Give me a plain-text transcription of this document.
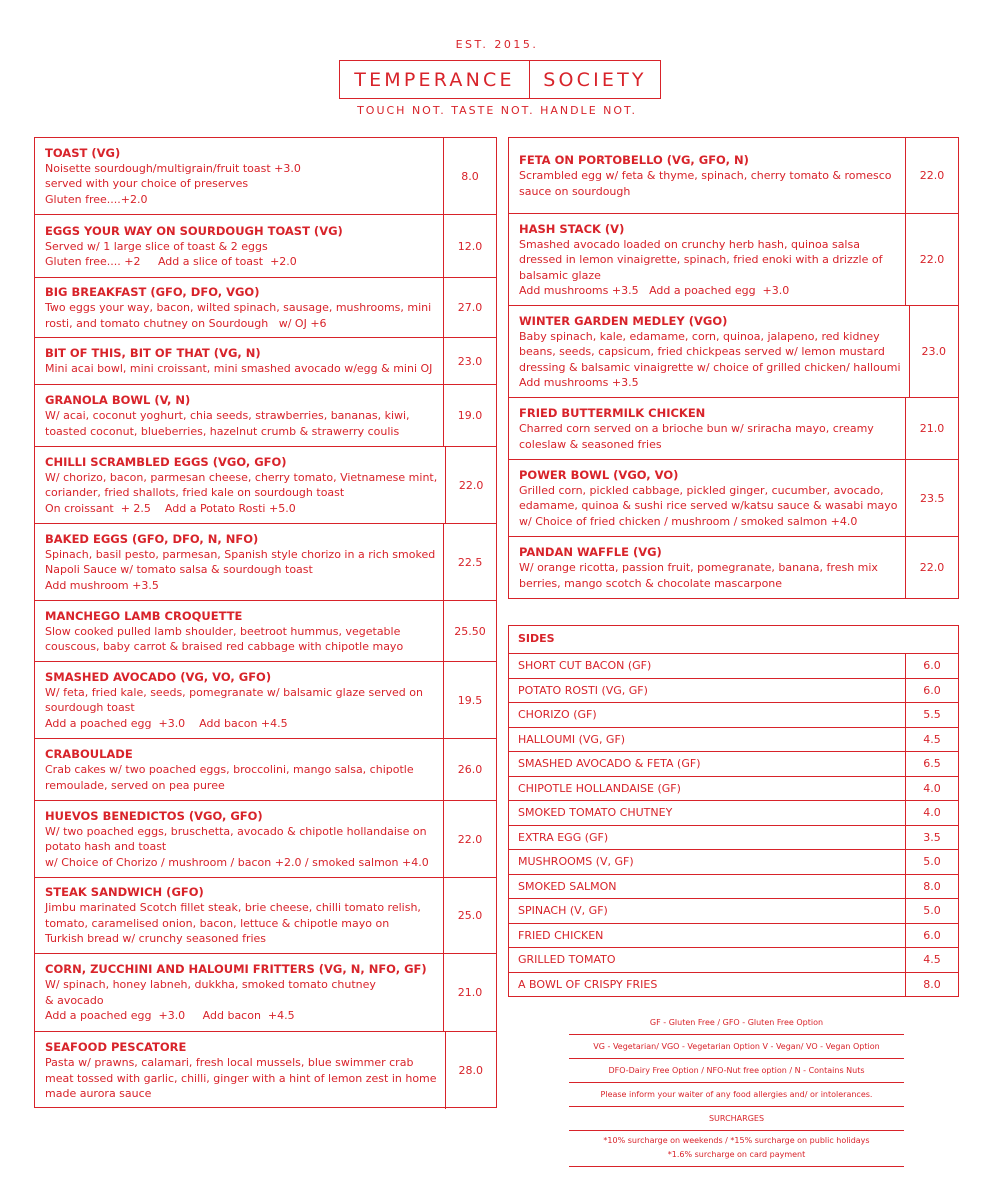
EST. 2015.
TEMPERANCE	SOCIETY
TOUCH NOT. TASTE NOT. HANDLE NOT.
TOAST (VG)
Noisette sourdough/multigrain/fruit toast +3.0
served with your choice of preserves
Gluten free....+2.0
8.0
EGGS YOUR WAY ON SOURDOUGH TOAST (VG)
Served w/ 1 large slice of toast & 2 eggs
Gluten free.... +2     Add a slice of toast  +2.0
12.0
BIG BREAKFAST (GFO, DFO, VGO)
Two eggs your way, bacon, wilted spinach, sausage, mushrooms, mini
rosti, and tomato chutney on Sourdough   w/ OJ +6
27.0
BIT OF THIS, BIT OF THAT (VG, N)
Mini acai bowl, mini croissant, mini smashed avocado w/egg & mini OJ
23.0
GRANOLA BOWL (V, N)
W/ acai, coconut yoghurt, chia seeds, strawberries, bananas, kiwi,
toasted coconut, blueberries, hazelnut crumb & strawerry coulis
19.0
CHILLI SCRAMBLED EGGS (VGO, GFO)
W/ chorizo, bacon, parmesan cheese, cherry tomato, Vietnamese mint,
coriander, fried shallots, fried kale on sourdough toast
On croissant  + 2.5    Add a Potato Rosti +5.0
22.0
BAKED EGGS (GFO, DFO, N, NFO)
Spinach, basil pesto, parmesan, Spanish style chorizo in a rich smoked
Napoli Sauce w/ tomato salsa & sourdough toast
Add mushroom +3.5
22.5
MANCHEGO LAMB CROQUETTE
Slow cooked pulled lamb shoulder, beetroot hummus, vegetable
couscous, baby carrot & braised red cabbage with chipotle mayo
25.50
SMASHED AVOCADO (VG, VO, GFO)
W/ feta, fried kale, seeds, pomegranate w/ balsamic glaze served on
sourdough toast
Add a poached egg  +3.0    Add bacon +4.5
19.5
CRABOULADE
Crab cakes w/ two poached eggs, broccolini, mango salsa, chipotle
remoulade, served on pea puree
26.0
HUEVOS BENEDICTOS (VGO, GFO)
W/ two poached eggs, bruschetta, avocado & chipotle hollandaise on
potato hash and toast
w/ Choice of Chorizo / mushroom / bacon +2.0 / smoked salmon +4.0
22.0
STEAK SANDWICH (GFO)
Jimbu marinated Scotch fillet steak, brie cheese, chilli tomato relish,
tomato, caramelised onion, bacon, lettuce & chipotle mayo on
Turkish bread w/ crunchy seasoned fries
25.0
CORN, ZUCCHINI AND HALOUMI FRITTERS (VG, N, NFO, GF)
W/ spinach, honey labneh, dukkha, smoked tomato chutney
& avocado
Add a poached egg  +3.0     Add bacon  +4.5
21.0
SEAFOOD PESCATORE
Pasta w/ prawns, calamari, fresh local mussels, blue swimmer crab
meat tossed with garlic, chilli, ginger with a hint of lemon zest in home
made aurora sauce
28.0
FETA ON PORTOBELLO (VG, GFO, N)
Scrambled egg w/ feta & thyme, spinach, cherry tomato & romesco
sauce on sourdough
22.0
HASH STACK (V)
Smashed avocado loaded on crunchy herb hash, quinoa salsa
dressed in lemon vinaigrette, spinach, fried enoki with a drizzle of
balsamic glaze
Add mushrooms +3.5   Add a poached egg  +3.0
22.0
WINTER GARDEN MEDLEY (VGO)
Baby spinach, kale, edamame, corn, quinoa, jalapeno, red kidney
beans, seeds, capsicum, fried chickpeas served w/ lemon mustard
dressing & balsamic vinaigrette w/ choice of grilled chicken/ halloumi
Add mushrooms +3.5
23.0
FRIED BUTTERMILK CHICKEN
Charred corn served on a brioche bun w/ sriracha mayo, creamy
coleslaw & seasoned fries
21.0
POWER BOWL (VGO, VO)
Grilled corn, pickled cabbage, pickled ginger, cucumber, avocado,
edamame, quinoa & sushi rice served w/katsu sauce & wasabi mayo
w/ Choice of fried chicken / mushroom / smoked salmon +4.0
23.5
PANDAN WAFFLE (VG)
W/ orange ricotta, passion fruit, pomegranate, banana, fresh mix
berries, mango scotch & chocolate mascarpone
22.0
SIDES
SHORT CUT BACON (GF)	6.0
POTATO ROSTI (VG, GF)	6.0
CHORIZO (GF)	5.5
HALLOUMI (VG, GF)	4.5
SMASHED AVOCADO & FETA (GF)	6.5
CHIPOTLE HOLLANDAISE (GF)	4.0
SMOKED TOMATO CHUTNEY	4.0
EXTRA EGG (GF)	3.5
MUSHROOMS (V, GF)	5.0
SMOKED SALMON	8.0
SPINACH (V, GF)	5.0
FRIED CHICKEN	6.0
GRILLED TOMATO	4.5
A BOWL OF CRISPY FRIES	8.0
GF - Gluten Free / GFO - Gluten Free Option
VG - Vegetarian/ VGO - Vegetarian Option V - Vegan/ VO - Vegan Option
DFO-Dairy Free Option / NFO-Nut free option / N - Contains Nuts
Please inform your waiter of any food allergies and/ or intolerances.
SURCHARGES
*10% surcharge on weekends / *15% surcharge on public holidays
*1.6% surcharge on card payment
